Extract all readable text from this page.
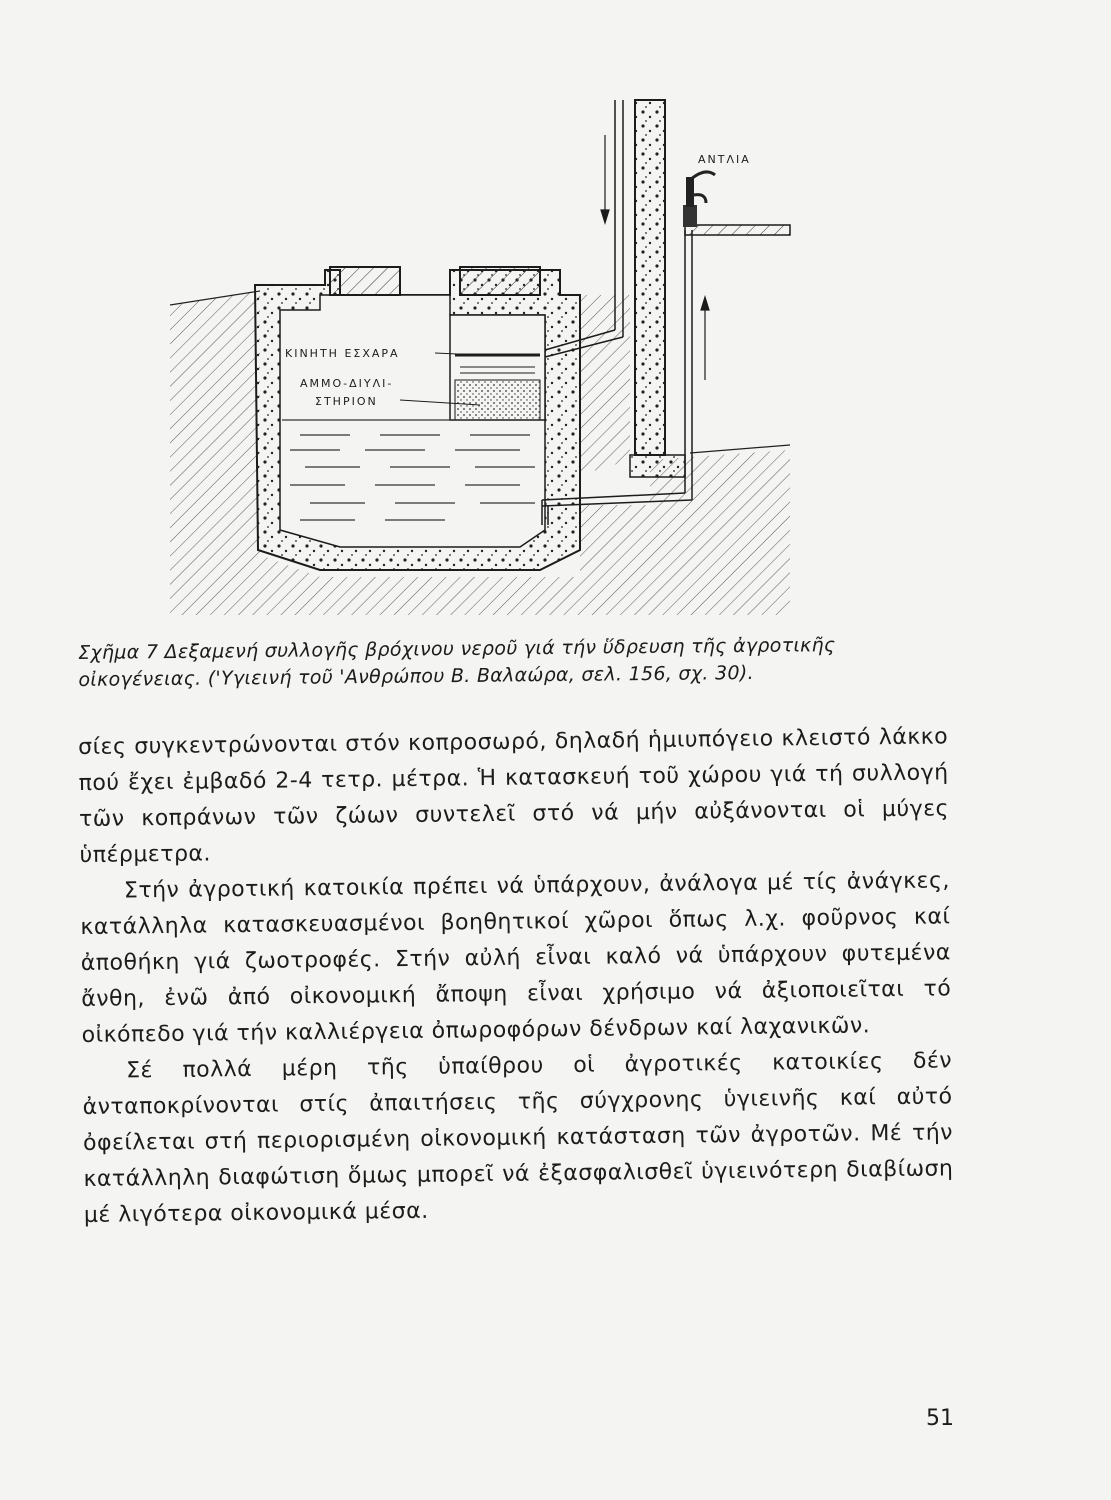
ΑΝΤΛΙΑ
ΚΙΝΗΤΗ ΕΣΧΑΡΑ
ΑΜΜΟ-ΔΙΥΛΙ-
ΣΤΗΡΙΟΝ
Σχῆμα 7 Δεξαμενή συλλογῆς βρόχινου νεροῦ γιά τήν ὕδρευση τῆς ἀγροτικῆς
οἰκογένειας. ('Υγιεινή τοῦ 'Ανθρώπου Β. Βαλαώρα, σελ. 156, σχ. 30).

σίες συγκεντρώνονται στόν κοπροσωρό, δηλαδή ἡμιυπόγειο κλειστό λάκκο πού ἔχει ἐμβαδό 2-4 τετρ. μέτρα. Ἡ κατασκευή τοῦ χώρου γιά τή συλλογή τῶν κοπράνων τῶν ζώων συντελεῖ στό νά μήν αὐξάνονται οἱ μύγες ὑπέρμετρα.

Στήν ἀγροτική κατοικία πρέπει νά ὑπάρχουν, ἀνάλογα μέ τίς ἀνάγκες, κατάλληλα κατασκευασμένοι βοηθητικοί χῶροι ὅπως λ.χ. φοῦρνος καί ἀποθήκη γιά ζωοτροφές. Στήν αὐλή εἶναι καλό νά ὑπάρχουν φυτεμένα ἄνθη, ἐνῶ ἀπό οἰκονομική ἄποψη εἶναι χρήσιμο νά ἀξιοποιεῖται τό οἰκόπεδο γιά τήν καλλιέργεια ὀπωροφόρων δένδρων καί λαχανικῶν.

Σέ πολλά μέρη τῆς ὑπαίθρου οἱ ἀγροτικές κατοικίες δέν ἀνταποκρίνονται στίς ἀπαιτήσεις τῆς σύγχρονης ὑγιεινῆς καί αὐτό ὀφείλεται στή περιορισμένη οἰκονομική κατάσταση τῶν ἀγροτῶν. Μέ τήν κατάλληλη διαφώτιση ὅμως μπορεῖ νά ἐξασφαλισθεῖ ὑγιεινότερη διαβίωση μέ λιγότερα οἰκονομικά μέσα.

51
